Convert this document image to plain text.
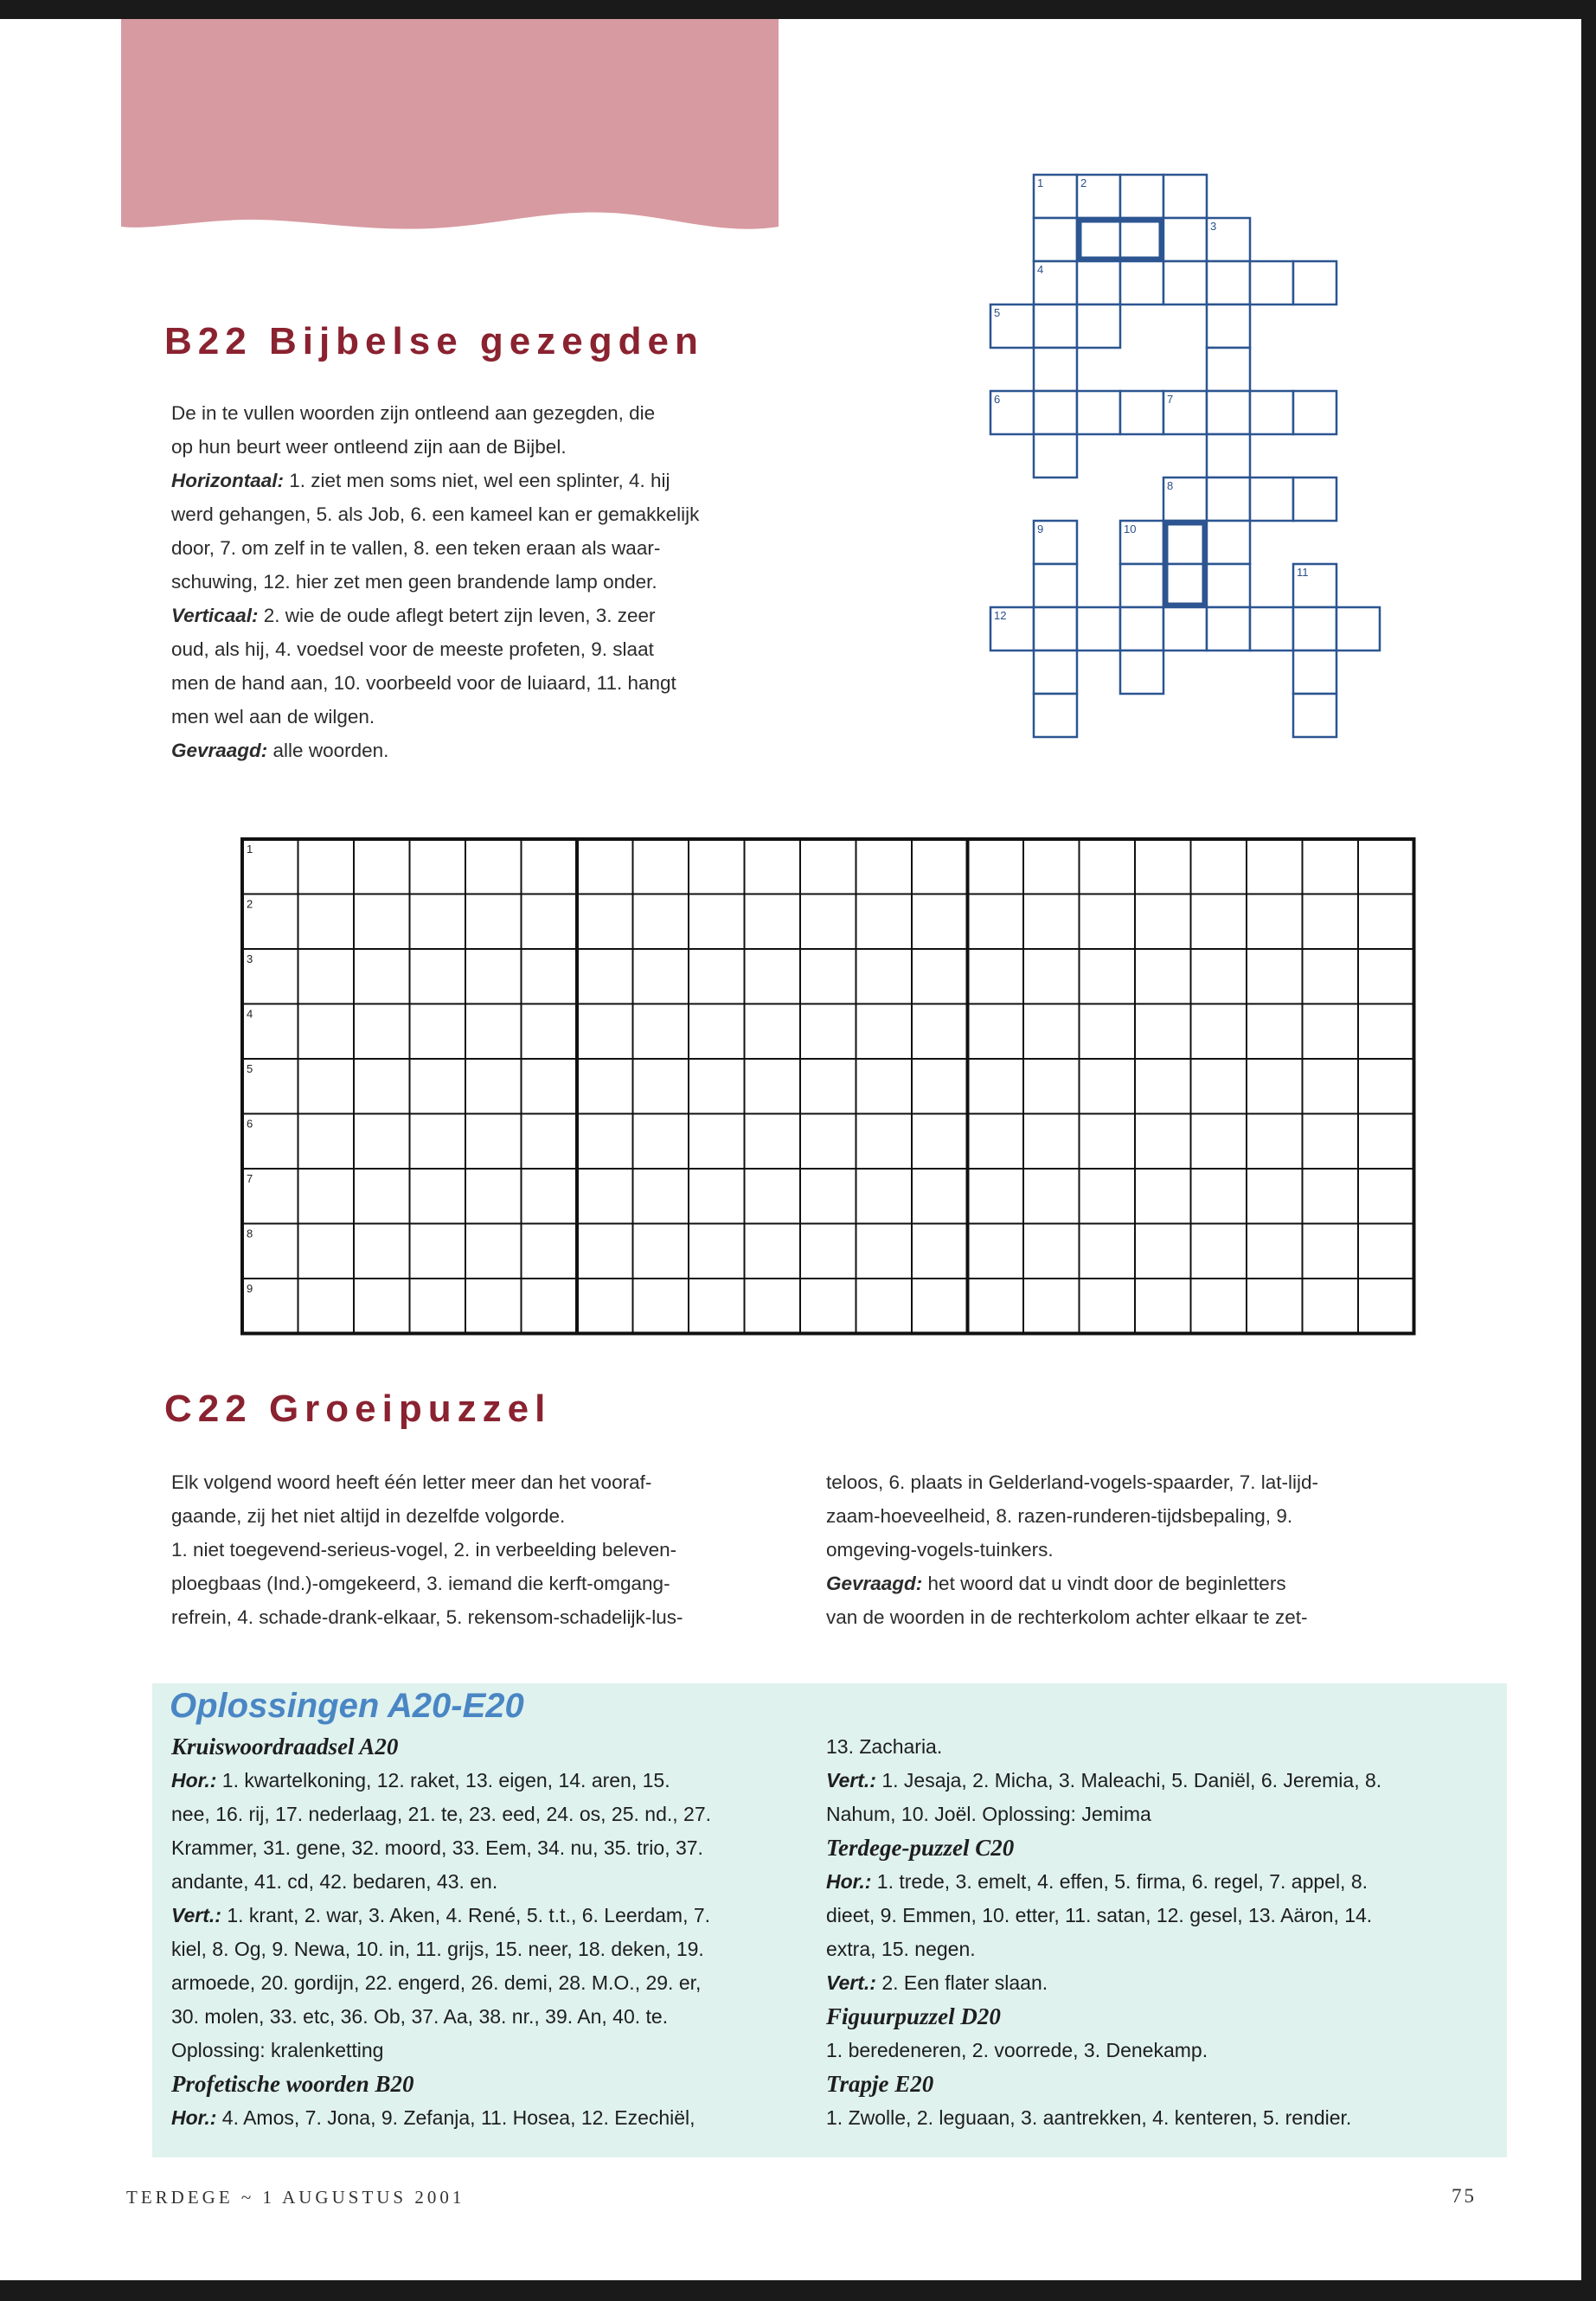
B22 Bijbelse gezegden

De in te vullen woorden zijn ontleend aan gezegden, die

op hun beurt weer ontleend zijn aan de Bijbel.

Horizontaal: 1. ziet men soms niet, wel een splinter, 4. hij

werd gehangen, 5. als Job, 6. een kameel kan er gemakkelijk

door, 7. om zelf in te vallen, 8. een teken eraan als waar-

schuwing, 12. hier zet men geen brandende lamp onder.

Verticaal: 2. wie de oude aflegt betert zijn leven, 3. zeer

oud, als hij, 4. voedsel voor de meeste profeten, 9. slaat

men de hand aan, 10. voorbeeld voor de luiaard, 11. hangt

men wel aan de wilgen.

Gevraagd: alle woorden.

1	2
3
4
5
6	7
8
9	10
11
12
1
2
3
4
5
6
7
8
9
C22 Groeipuzzel

Elk volgend woord heeft één letter meer dan het vooraf-

gaande, zij het niet altijd in dezelfde volgorde.

1. niet toegevend-serieus-vogel, 2. in verbeelding beleven-

ploegbaas (Ind.)-omgekeerd, 3. iemand die kerft-omgang-

refrein, 4. schade-drank-elkaar, 5. rekensom-schadelijk-lus-

teloos, 6. plaats in Gelderland-vogels-spaarder, 7. lat-lijd-

zaam-hoeveelheid, 8. razen-runderen-tijdsbepaling, 9.

omgeving-vogels-tuinkers.

Gevraagd: het woord dat u vindt door de beginletters

van de woorden in de rechterkolom achter elkaar te zet-

Oplossingen A20-E20

Kruiswoordraadsel A20

Hor.: 1. kwartelkoning, 12. raket, 13. eigen, 14. aren, 15.

nee, 16. rij, 17. nederlaag, 21. te, 23. eed, 24. os, 25. nd., 27.

Krammer, 31. gene, 32. moord, 33. Eem, 34. nu, 35. trio, 37.

andante, 41. cd, 42. bedaren, 43. en.

Vert.: 1. krant, 2. war, 3. Aken, 4. René, 5. t.t., 6. Leerdam, 7.

kiel, 8. Og, 9. Newa, 10. in, 11. grijs, 15. neer, 18. deken, 19.

armoede, 20. gordijn, 22. engerd, 26. demi, 28. M.O., 29. er,

30. molen, 33. etc, 36. Ob, 37. Aa, 38. nr., 39. An, 40. te.

Oplossing: kralenketting

Profetische woorden B20

Hor.: 4. Amos, 7. Jona, 9. Zefanja, 11. Hosea, 12. Ezechiël,

13. Zacharia.

Vert.: 1. Jesaja, 2. Micha, 3. Maleachi, 5. Daniël, 6. Jeremia, 8.

Nahum, 10. Joël. Oplossing: Jemima

Terdege-puzzel C20

Hor.: 1. trede, 3. emelt, 4. effen, 5. firma, 6. regel, 7. appel, 8.

dieet, 9. Emmen, 10. etter, 11. satan, 12. gesel, 13. Aäron, 14.

extra, 15. negen.

Vert.: 2. Een flater slaan.

Figuurpuzzel D20

1. beredeneren, 2. voorrede, 3. Denekamp.

Trapje E20

1. Zwolle, 2. leguaan, 3. aantrekken, 4. kenteren, 5. rendier.

TERDEGE ~ 1 AUGUSTUS 2001	75
